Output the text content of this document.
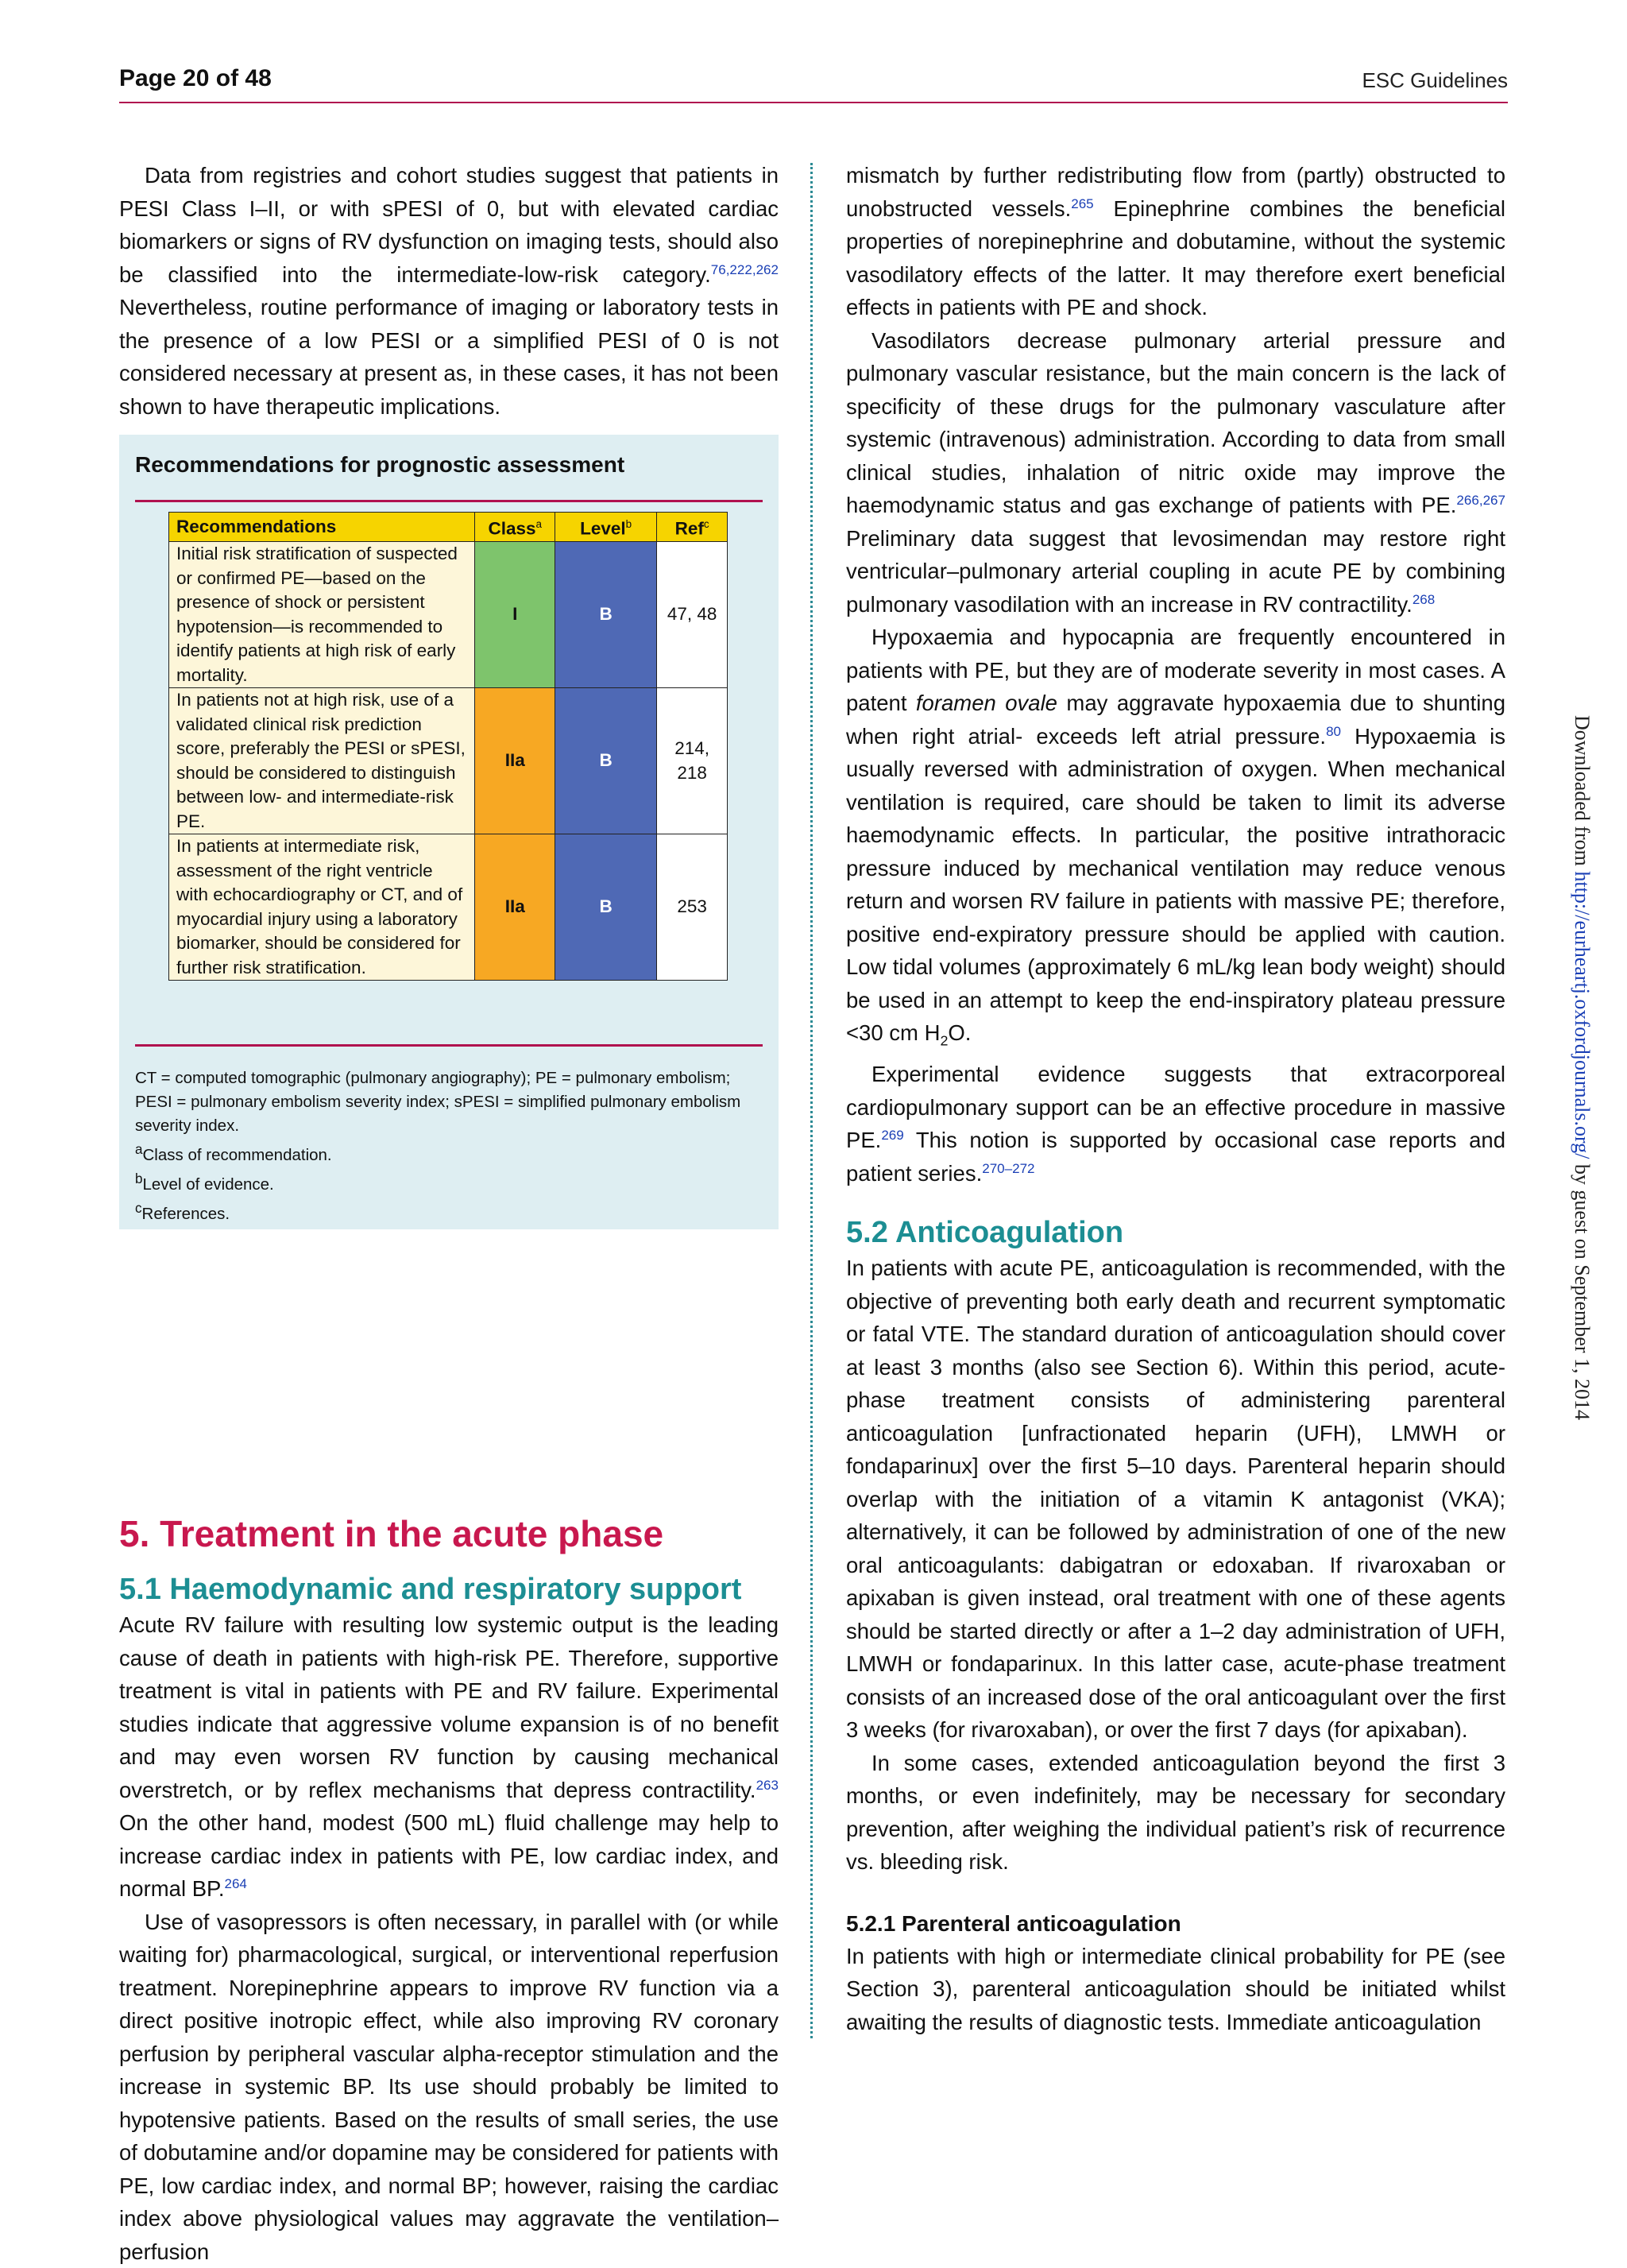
Page 20 of 48	ESC Guidelines

Data from registries and cohort studies suggest that patients in PESI Class I–II, or with sPESI of 0, but with elevated cardiac biomarkers or signs of RV dysfunction on imaging tests, should also be classified into the intermediate-low-risk category.$^{76,222,262}$ Nevertheless, routine performance of imaging or laboratory tests in the presence of a low PESI or a simplified PESI of 0 is not considered necessary at present as, in these cases, it has not been shown to have therapeutic implications.

5. Treatment in the acute phase
5.1 Haemodynamic and respiratory support

Acute RV failure with resulting low systemic output is the leading cause of death in patients with high-risk PE. Therefore, supportive treatment is vital in patients with PE and RV failure. Experimental studies indicate that aggressive volume expansion is of no benefit and may even worsen RV function by causing mechanical overstretch, or by reflex mechanisms that depress contractility.$^{263}$ On the other hand, modest (500 mL) fluid challenge may help to increase cardiac index in patients with PE, low cardiac index, and normal BP.$^{264}$

Use of vasopressors is often necessary, in parallel with (or while waiting for) pharmacological, surgical, or interventional reperfusion treatment. Norepinephrine appears to improve RV function via a direct positive inotropic effect, while also improving RV coronary perfusion by peripheral vascular alpha-receptor stimulation and the increase in systemic BP. Its use should probably be limited to hypotensive patients. Based on the results of small series, the use of dobutamine and/or dopamine may be considered for patients with PE, low cardiac index, and normal BP; however, raising the cardiac index above physiological values may aggravate the ventilation–perfusion

Recommendations for prognostic assessment
Recommendations	Class$^a$	Level$^b$	Ref$^c$
Initial risk stratification of suspected or confirmed PE—based on the presence of shock or persistent hypotension—is recommended to identify patients at high risk of early mortality.	I	B	47, 48
In patients not at high risk, use of a validated clinical risk prediction score, preferably the PESI or sPESI, should be considered to distinguish between low- and intermediate-risk PE.	IIa	B	214, 218
In patients at intermediate risk, assessment of the right ventricle with echocardiography or CT, and of myocardial injury using a laboratory biomarker, should be considered for further risk stratification.	IIa	B	253
CT = computed tomographic (pulmonary angiography); PE = pulmonary embolism; PESI = pulmonary embolism severity index; sPESI = simplified pulmonary embolism severity index.
$^a$Class of recommendation.
$^b$Level of evidence.
$^c$References.

mismatch by further redistributing flow from (partly) obstructed to unobstructed vessels.$^{265}$ Epinephrine combines the beneficial properties of norepinephrine and dobutamine, without the systemic vasodilatory effects of the latter. It may therefore exert beneficial effects in patients with PE and shock.

Vasodilators decrease pulmonary arterial pressure and pulmonary vascular resistance, but the main concern is the lack of specificity of these drugs for the pulmonary vasculature after systemic (intravenous) administration. According to data from small clinical studies, inhalation of nitric oxide may improve the haemodynamic status and gas exchange of patients with PE.$^{266,267}$ Preliminary data suggest that levosimendan may restore right ventricular–pulmonary arterial coupling in acute PE by combining pulmonary vasodilation with an increase in RV contractility.$^{268}$

Hypoxaemia and hypocapnia are frequently encountered in patients with PE, but they are of moderate severity in most cases. A patent foramen ovale may aggravate hypoxaemia due to shunting when right atrial- exceeds left atrial pressure.$^{80}$ Hypoxaemia is usually reversed with administration of oxygen. When mechanical ventilation is required, care should be taken to limit its adverse haemodynamic effects. In particular, the positive intrathoracic pressure induced by mechanical ventilation may reduce venous return and worsen RV failure in patients with massive PE; therefore, positive end-expiratory pressure should be applied with caution. Low tidal volumes (approximately 6 mL/kg lean body weight) should be used in an attempt to keep the end-inspiratory plateau pressure <30 cm $H_2O$.

Experimental evidence suggests that extracorporeal cardiopulmonary support can be an effective procedure in massive PE.$^{269}$ This notion is supported by occasional case reports and patient series.$^{270-272}$

5.2 Anticoagulation

In patients with acute PE, anticoagulation is recommended, with the objective of preventing both early death and recurrent symptomatic or fatal VTE. The standard duration of anticoagulation should cover at least 3 months (also see Section 6). Within this period, acute-phase treatment consists of administering parenteral anticoagulation [unfractionated heparin (UFH), LMWH or fondaparinux] over the first 5–10 days. Parenteral heparin should overlap with the initiation of a vitamin K antagonist (VKA); alternatively, it can be followed by administration of one of the new oral anticoagulants: dabigatran or edoxaban. If rivaroxaban or apixaban is given instead, oral treatment with one of these agents should be started directly or after a 1–2 day administration of UFH, LMWH or fondaparinux. In this latter case, acute-phase treatment consists of an increased dose of the oral anticoagulant over the first 3 weeks (for rivaroxaban), or over the first 7 days (for apixaban).

In some cases, extended anticoagulation beyond the first 3 months, or even indefinitely, may be necessary for secondary prevention, after weighing the individual patient’s risk of recurrence vs. bleeding risk.

5.2.1 Parenteral anticoagulation

In patients with high or intermediate clinical probability for PE (see Section 3), parenteral anticoagulation should be initiated whilst awaiting the results of diagnostic tests. Immediate anticoagulation

Downloaded from http://eurheartj.oxfordjournals.org/ by guest on September 1, 2014
